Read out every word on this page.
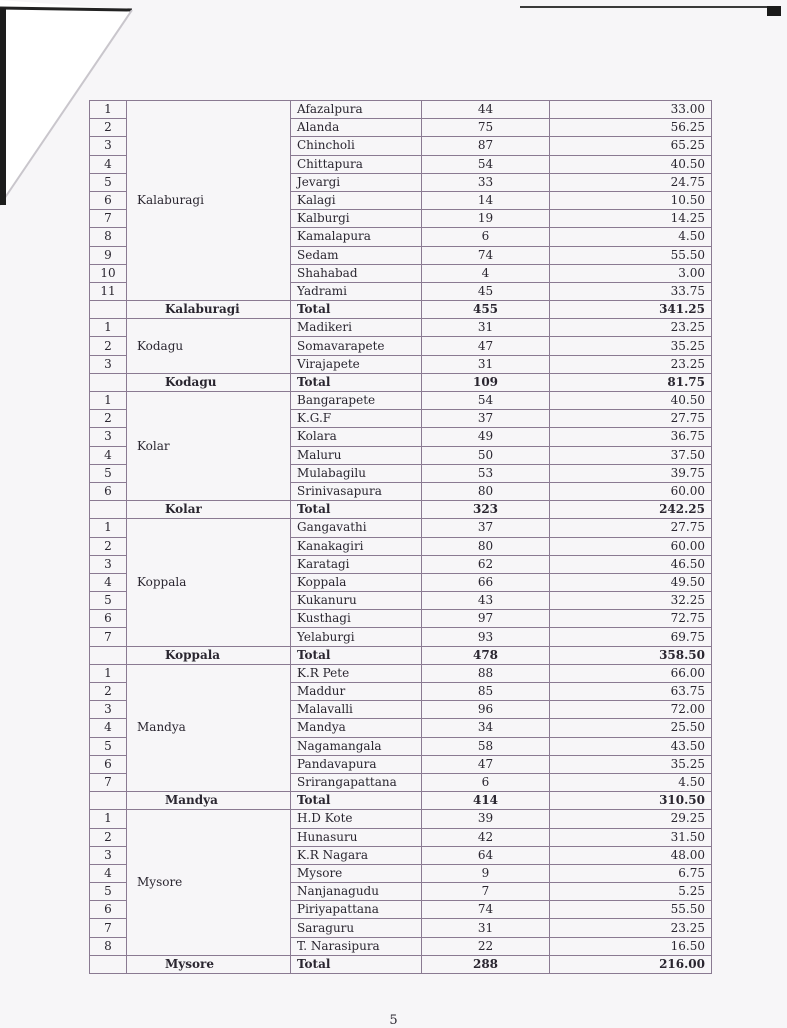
1	Kalaburagi	Afazalpura	44	33.00
2		Alanda	75	56.25
3		Chincholi	87	65.25
4		Chittapura	54	40.50
5		Jevargi	33	24.75
6		Kalagi	14	10.50
7		Kalburgi	19	14.25
8		Kamalapura	6	4.50
9		Sedam	74	55.50
10		Shahabad	4	3.00
11		Yadrami	45	33.75
	Kalaburagi	Total	455	341.25
1	Kodagu	Madikeri	31	23.25
2		Somavarapete	47	35.25
3		Virajapete	31	23.25
	Kodagu	Total	109	81.75
1	Kolar	Bangarapete	54	40.50
2		K.G.F	37	27.75
3		Kolara	49	36.75
4		Maluru	50	37.50
5		Mulabagilu	53	39.75
6		Srinivasapura	80	60.00
	Kolar	Total	323	242.25
1	Koppala	Gangavathi	37	27.75
2		Kanakagiri	80	60.00
3		Karatagi	62	46.50
4		Koppala	66	49.50
5		Kukanuru	43	32.25
6		Kusthagi	97	72.75
7		Yelaburgi	93	69.75
	Koppala	Total	478	358.50
1	Mandya	K.R Pete	88	66.00
2		Maddur	85	63.75
3		Malavalli	96	72.00
4		Mandya	34	25.50
5		Nagamangala	58	43.50
6		Pandavapura	47	35.25
7		Srirangapattana	6	4.50
	Mandya	Total	414	310.50
1	Mysore	H.D Kote	39	29.25
2		Hunasuru	42	31.50
3		K.R Nagara	64	48.00
4		Mysore	9	6.75
5		Nanjanagudu	7	5.25
6		Piriyapattana	74	55.50
7		Saraguru	31	23.25
8		T. Narasipura	22	16.50
	Mysore	Total	288	216.00
5
